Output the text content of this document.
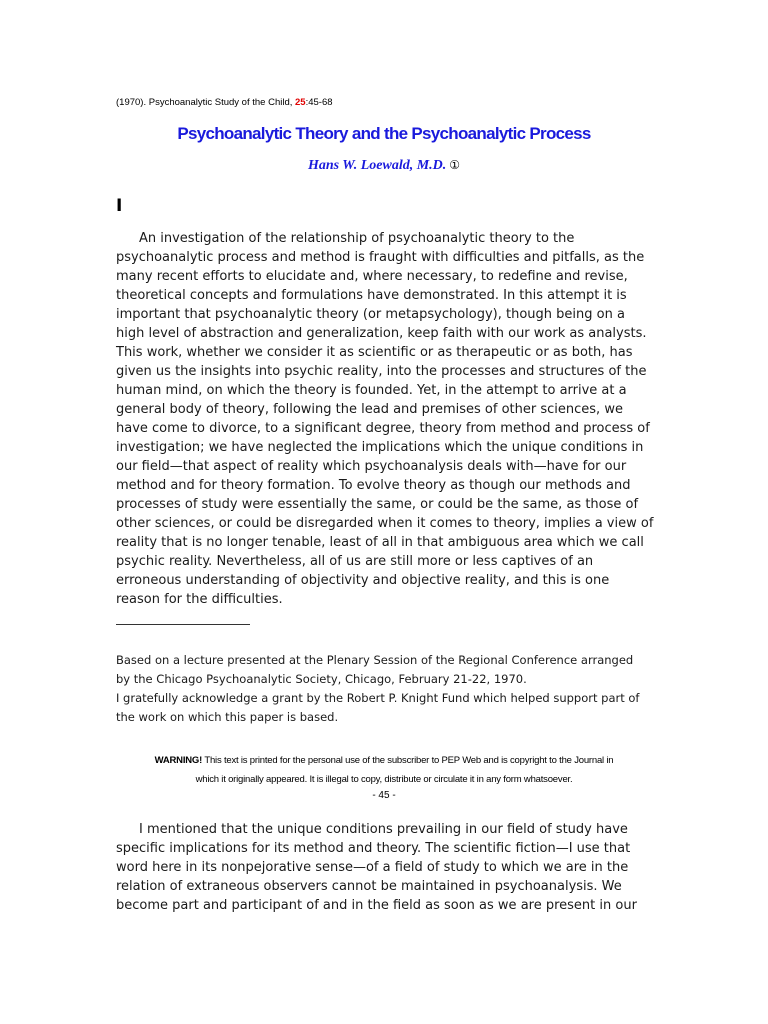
(1970). Psychoanalytic Study of the Child, 25:45-68
Psychoanalytic Theory and the Psychoanalytic Process
Hans W. Loewald, M.D. ①
I

An investigation of the relationship of psychoanalytic theory to the psychoanalytic process and method is fraught with difficulties and pitfalls, as the many recent efforts to elucidate and, where necessary, to redefine and revise, theoretical concepts and formulations have demonstrated. In this attempt it is important that psychoanalytic theory (or metapsychology), though being on a high level of abstraction and generalization, keep faith with our work as analysts. This work, whether we consider it as scientific or as therapeutic or as both, has given us the insights into psychic reality, into the processes and structures of the human mind, on which the theory is founded. Yet, in the attempt to arrive at a general body of theory, following the lead and premises of other sciences, we have come to divorce, to a significant degree, theory from method and process of investigation; we have neglected the implications which the unique conditions in our field—that aspect of reality which psychoanalysis deals with—have for our method and for theory formation. To evolve theory as though our methods and processes of study were essentially the same, or could be the same, as those of other sciences, or could be disregarded when it comes to theory, implies a view of reality that is no longer tenable, least of all in that ambiguous area which we call psychic reality. Nevertheless, all of us are still more or less captives of an erroneous understanding of objectivity and objective reality, and this is one reason for the difficulties.

Based on a lecture presented at the Plenary Session of the Regional Conference arranged
by the Chicago Psychoanalytic Society, Chicago, February 21-22, 1970.
I gratefully acknowledge a grant by the Robert P. Knight Fund which helped support part of
the work on which this paper is based.
WARNING! This text is printed for the personal use of the subscriber to PEP Web and is copyright to the Journal in
which it originally appeared. It is illegal to copy, distribute or circulate it in any form whatsoever.
- 45 -

I mentioned that the unique conditions prevailing in our field of study have specific implications for its method and theory. The scientific fiction—I use that word here in its nonpejorative sense—of a field of study to which we are in the relation of extraneous observers cannot be maintained in psychoanalysis. We become part and participant of and in the field as soon as we are present in our
